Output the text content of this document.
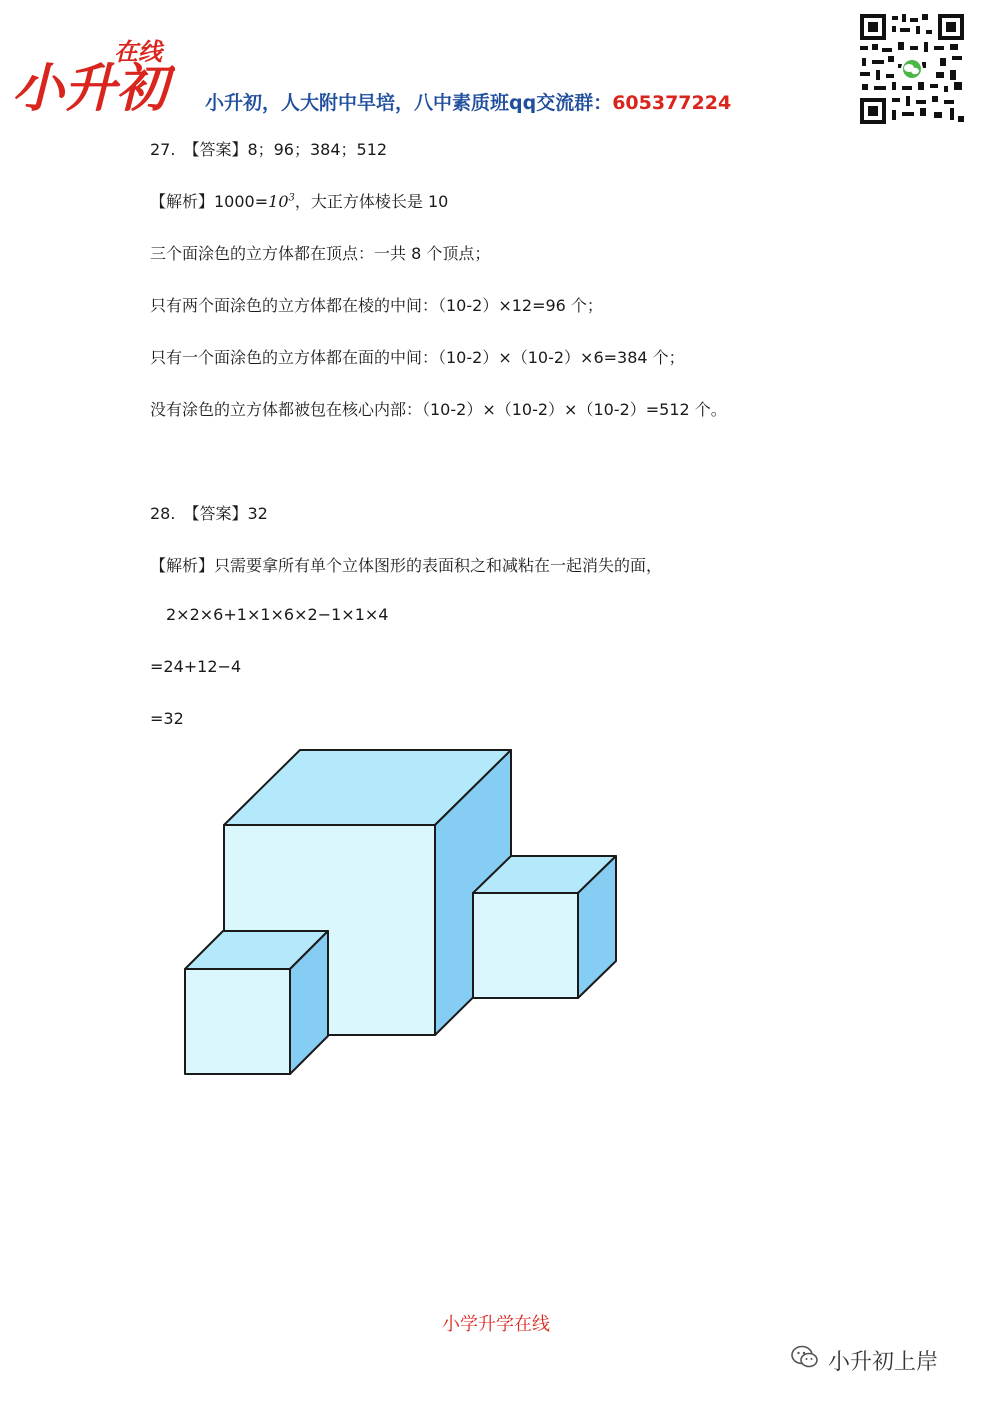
小升初
在线
小升初，人大附中早培，八中素质班qq交流群：605377224
27.　【答案】8；96；384；512
【解析】$1000=10^3$，大正方体棱长是 10
三个面涂色的立方体都在顶点：一共 8 个顶点；
只有两个面涂色的立方体都在棱的中间：（10-2）×12=96 个；
只有一个面涂色的立方体都在面的中间：（10-2）×（10-2）×6=384 个；
没有涂色的立方体都被包在核心内部：（10-2）×（10-2）×（10-2）=512 个。
28.　【答案】32
【解析】只需要拿所有单个立体图形的表面积之和减粘在一起消失的面，
2×2×6+1×1×6×2−1×1×4
=24+12−4
=32
小学升学在线
小升初上岸
